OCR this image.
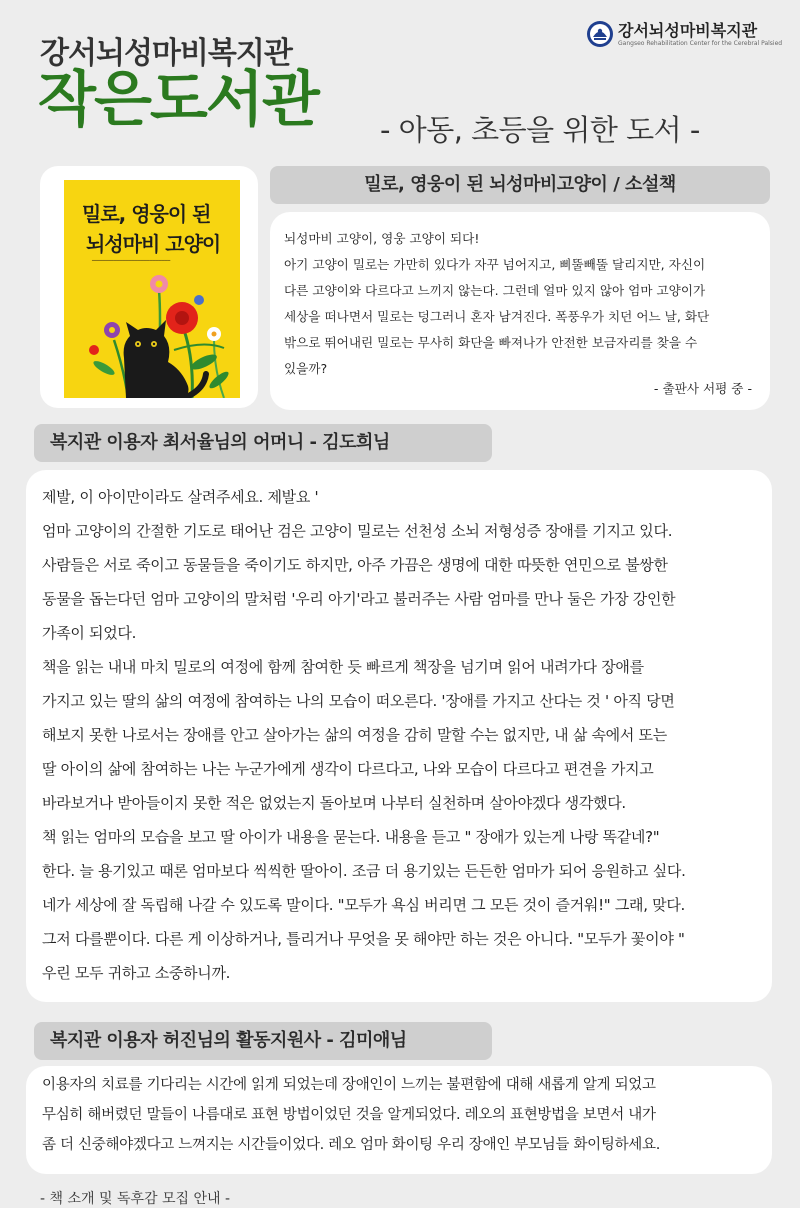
강서뇌성마비복지관
작은도서관 - 아동, 초등을 위한 도서 -
강서뇌성마비복지관
Gangseo Rehabilitation Center for the Cerebral Palsied
밀로, 영웅이 된
뇌성마비 고양이
━━━━━━━━━━━━━━━━━━━━━━━━━━
밀로, 영웅이 된 뇌성마비고양이 / 소설책

뇌성마비 고양이, 영웅 고양이 되다!

아기 고양이 밀로는 가만히 있다가 자꾸 넘어지고, 삐뚤빼뚤 달리지만, 자신이

다른 고양이와 다르다고 느끼지 않는다. 그런데 얼마 있지 않아 엄마 고양이가

세상을 떠나면서 밀로는 덩그러니 혼자 남겨진다. 폭풍우가 치던 어느 날, 화단

밖으로 뛰어내린 밀로는 무사히 화단을 빠져나가 안전한 보금자리를 찾을 수

있을까?

- 출판사 서평 중 -
복지관 이용자 최서율님의 어머니 - 김도희님

제발, 이 아이만이라도 살려주세요. 제발요 '

엄마 고양이의 간절한 기도로 태어난 검은 고양이 밀로는 선천성 소뇌 저형성증 장애를 기지고 있다.

사람들은 서로 죽이고 동물들을 죽이기도 하지만, 아주 가끔은 생명에 대한 따뜻한 연민으로 불쌍한

동물을 돕는다던 엄마 고양이의 말처럼 '우리 아기'라고 불러주는 사람 엄마를 만나 둘은 가장 강인한

가족이 되었다.

책을 읽는 내내 마치 밀로의 여정에 함께 참여한 듯 빠르게 책장을 넘기며 읽어 내려가다 장애를

가지고 있는 딸의 삶의 여정에 참여하는 나의 모습이 떠오른다. '장애를 가지고 산다는 것 ' 아직 당면

해보지 못한 나로서는 장애를 안고 살아가는 삶의 여정을 감히 말할 수는 없지만, 내 삶 속에서 또는

딸 아이의 삶에 참여하는 나는 누군가에게 생각이 다르다고, 나와 모습이 다르다고 편견을 가지고

바라보거나 받아들이지 못한 적은 없었는지 돌아보며 나부터 실천하며 살아야겠다 생각했다.

책 읽는 엄마의 모습을 보고 딸 아이가 내용을 묻는다. 내용을 듣고 " 장애가 있는게 나랑 똑같네?"

한다. 늘 용기있고 때론 엄마보다 씩씩한 딸아이. 조금 더 용기있는 든든한 엄마가 되어 응원하고 싶다.

네가 세상에 잘 독립해 나갈 수 있도록 말이다. "모두가 욕심 버리면 그 모든 것이 즐거워!" 그래, 맞다.

그저 다를뿐이다. 다른 게 이상하거나, 틀리거나 무엇을 못 해야만 하는 것은 아니다. "모두가 꽃이야 "

우린 모두 귀하고 소중하니까.

복지관 이용자 허진님의 활동지원사 - 김미애님

이용자의 치료를 기다리는 시간에 읽게 되었는데 장애인이 느끼는 불편함에 대해 새롭게 알게 되었고

무심히 해버렸던 말들이 나름대로 표현 방법이었던 것을 알게되었다. 레오의 표현방법을 보면서 내가

좀 더 신중해야겠다고 느껴지는 시간들이었다. 레오 엄마 화이팅 우리 장애인 부모님들 화이팅하세요.

- 책 소개 및 독후감 모집 안내 -
